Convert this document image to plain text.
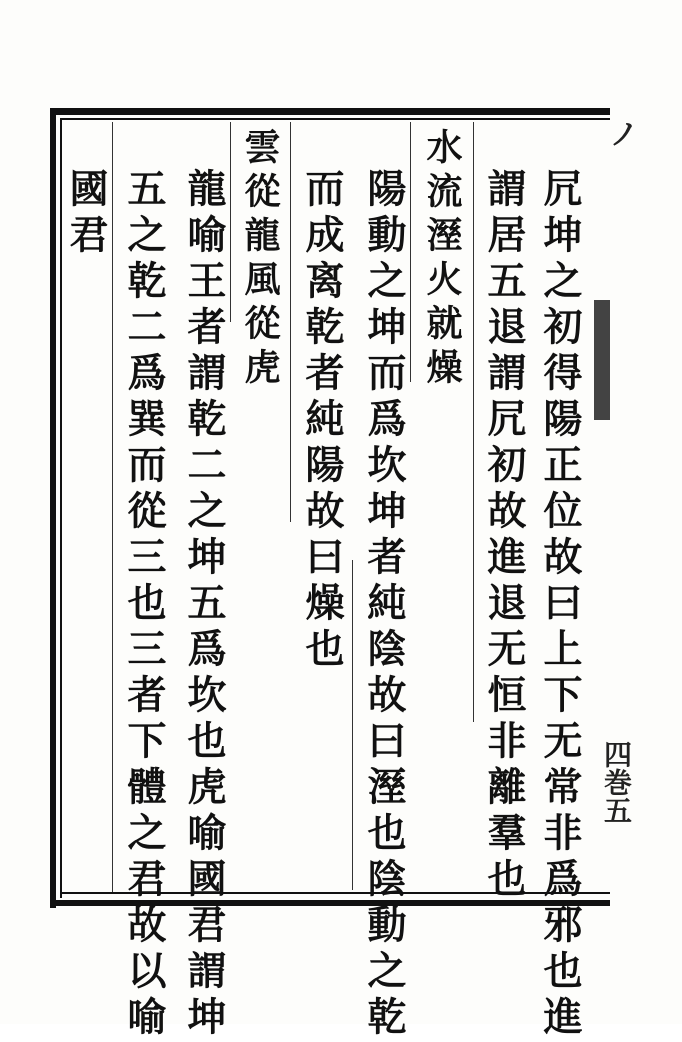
ノ
四巻五
凥坤之初得陽正位故曰上下无常非爲邪也進
謂居五退謂凥初故進退无恒非離羣也
水流溼火就燥
陽動之坤而爲坎坤者純陰故曰溼也陰動之乾
而成离乾者純陽故曰燥也
雲從龍風從虎
龍喻王者謂乾二之坤五爲坎也虎喻國君謂坤
五之乾二爲巽而從三也三者下體之君故以喻
國君
